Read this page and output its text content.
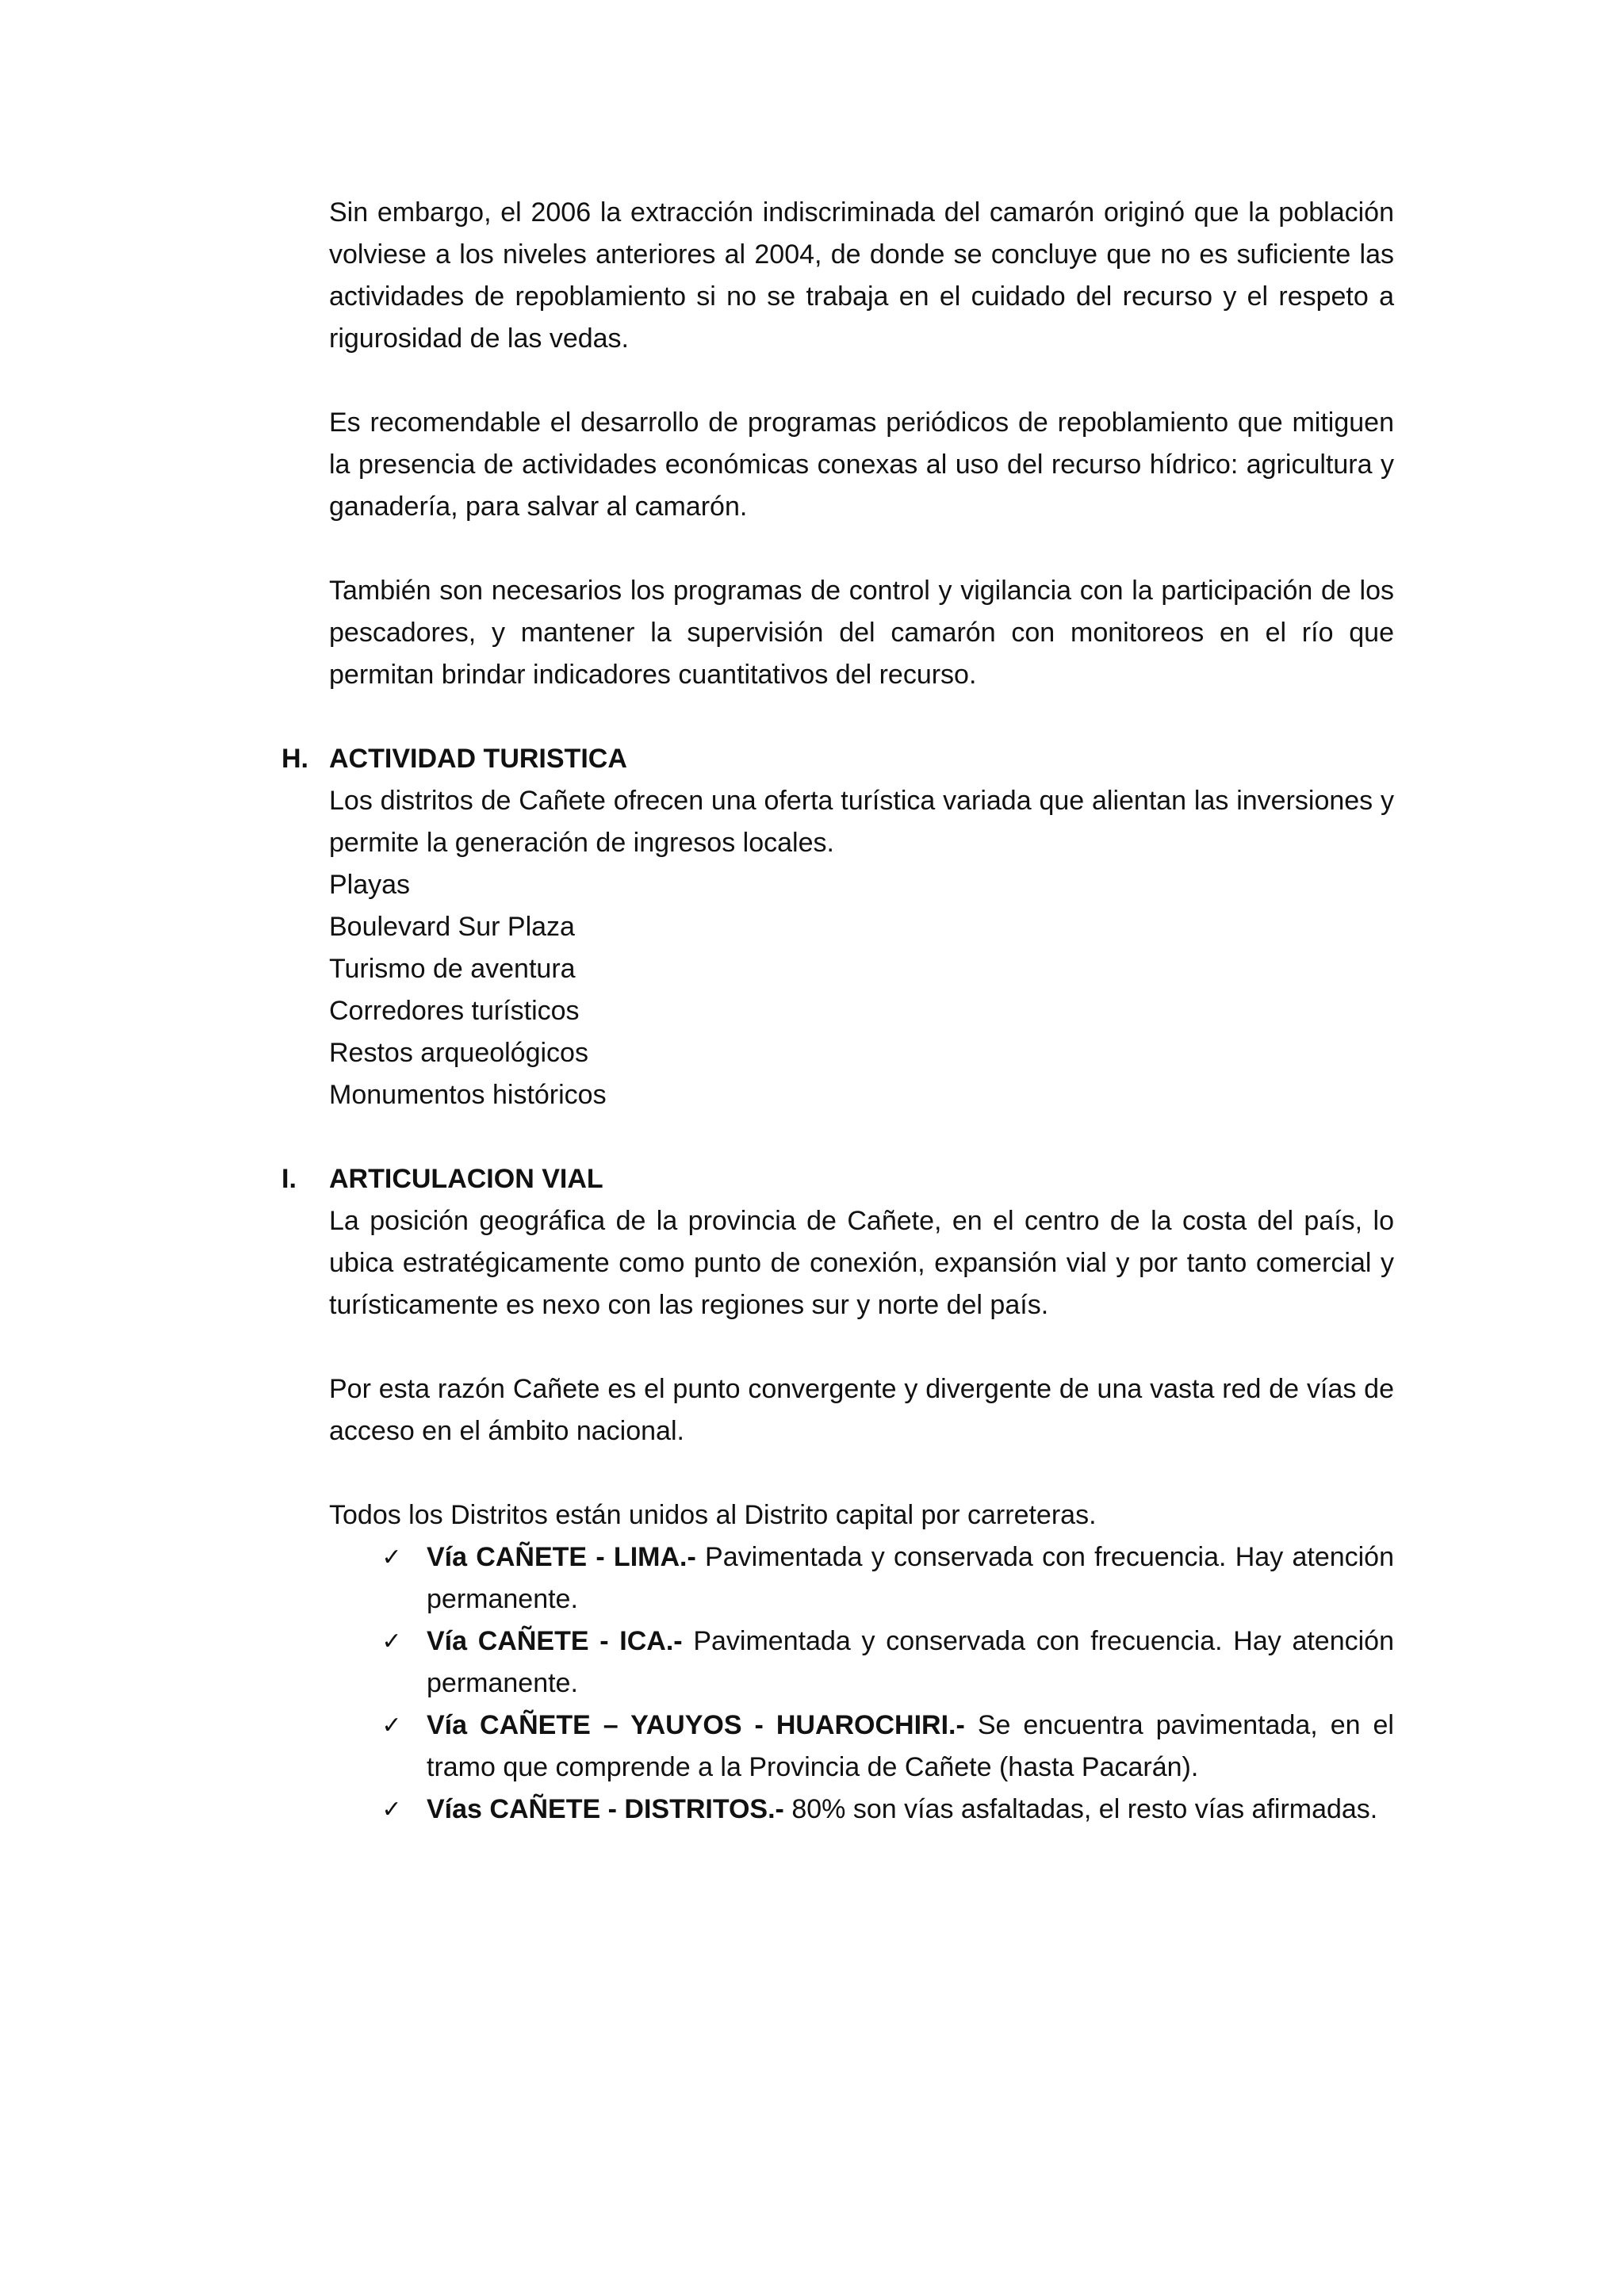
Sin embargo, el 2006 la extracción indiscriminada del camarón originó que la población volviese a los niveles anteriores al 2004, de donde se concluye que no es suficiente las actividades de repoblamiento si no se trabaja en el cuidado del recurso y el respeto a rigurosidad de las vedas.

Es recomendable el desarrollo de programas periódicos de repoblamiento que mitiguen la presencia de actividades económicas conexas al uso del recurso hídrico: agricultura y ganadería, para salvar al camarón.

También son necesarios los programas de control y vigilancia con la participación de los pescadores, y mantener la supervisión del camarón con monitoreos en el río que permitan brindar indicadores cuantitativos del recurso.

H. ACTIVIDAD TURISTICA

Los distritos de Cañete ofrecen una oferta turística variada que alientan las inversiones y permite la generación de ingresos locales.

Playas

Boulevard Sur Plaza

Turismo de aventura

Corredores turísticos

Restos arqueológicos

Monumentos históricos

I. ARTICULACION VIAL

La posición geográfica de la provincia de Cañete, en el centro de la costa del país, lo ubica estratégicamente como punto de conexión, expansión vial y por tanto comercial y turísticamente es nexo con las regiones sur y norte del país.

Por esta razón Cañete es el punto convergente y divergente de una vasta red de vías de acceso en el ámbito nacional.

Todos los Distritos están unidos al Distrito capital por carreteras.

✓ Vía CAÑETE - LIMA.- Pavimentada y conservada con frecuencia. Hay atención permanente.
✓ Vía CAÑETE - ICA.- Pavimentada y conservada con frecuencia. Hay atención permanente.
✓ Vía CAÑETE – YAUYOS - HUAROCHIRI.- Se encuentra pavimentada, en el tramo que comprende a la Provincia de Cañete (hasta Pacarán).
✓ Vías CAÑETE - DISTRITOS.- 80% son vías asfaltadas, el resto vías afirmadas.
